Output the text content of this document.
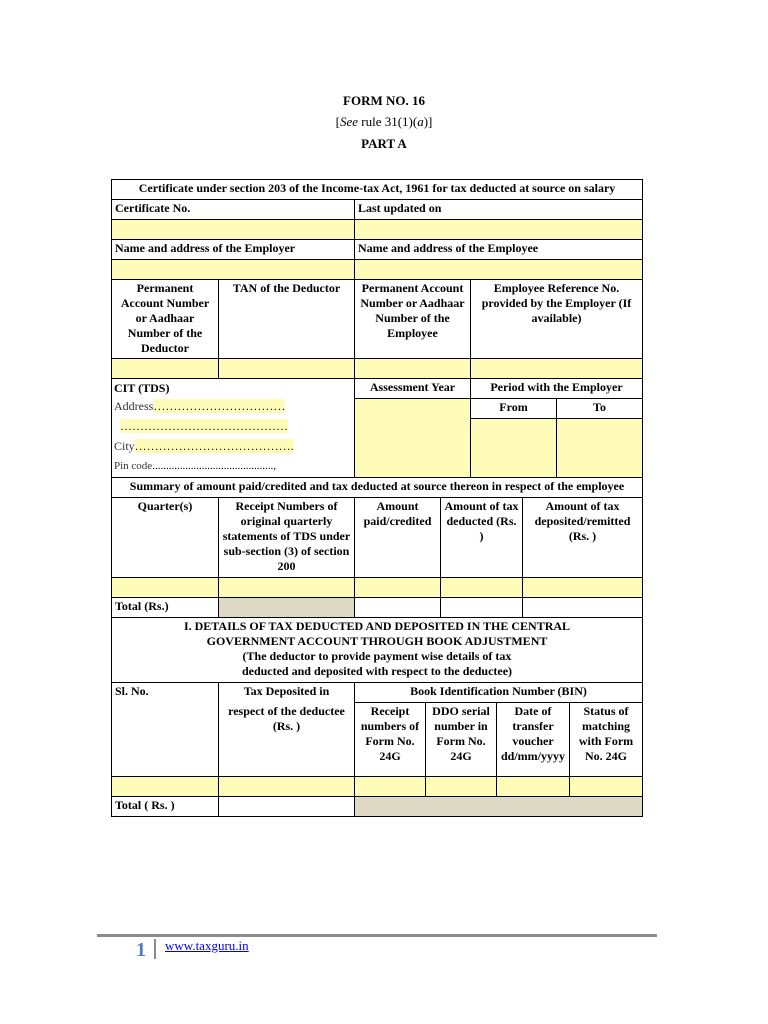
FORM NO. 16
[See rule 31(1)(a)]
PART A
Certificate under section 203 of the Income-tax Act, 1961 for tax deducted at source on salary				
Certificate No.		Last updated on		

Name and address of the Employer		Name and address of the Employee		

Permanent Account Number or Aadhaar Number of the Deductor	TAN of the Deductor	Permanent Account Number or Aadhaar Number of the Employee	Employee Reference No. provided by the Employer (If available)	

CIT (TDS)
Address……………………………
……………………………………
City………………………………….
Pin code............................................,		Assessment Year	Period with the Employer	
			From	To

Summary of amount paid/credited and tax deducted at source thereon in respect of the employee				
Quarter(s)	Receipt Numbers of original quarterly statements of TDS under sub-section (3) of section 200	Amount paid/credited	Amount of tax deducted (Rs. )	Amount of tax deposited/remitted (Rs. )

Total (Rs.)				
I. DETAILS OF TAX DEDUCTED AND DEPOSITED IN THE CENTRAL
GOVERNMENT ACCOUNT THROUGH BOOK ADJUSTMENT
(The deductor to provide payment wise details of tax
deducted and deposited with respect to the deductee)					

Sl. No.	Tax Deposited in	Book Identification Number (BIN)			
	respect of the deductee (Rs. )	Receipt numbers of Form No. 24G	DDO serial number in Form No. 24G	Date of transfer voucher dd/mm/yyyy	Status of matching with Form No. 24G

Total ( Rs. )					
1 www.taxguru.in
